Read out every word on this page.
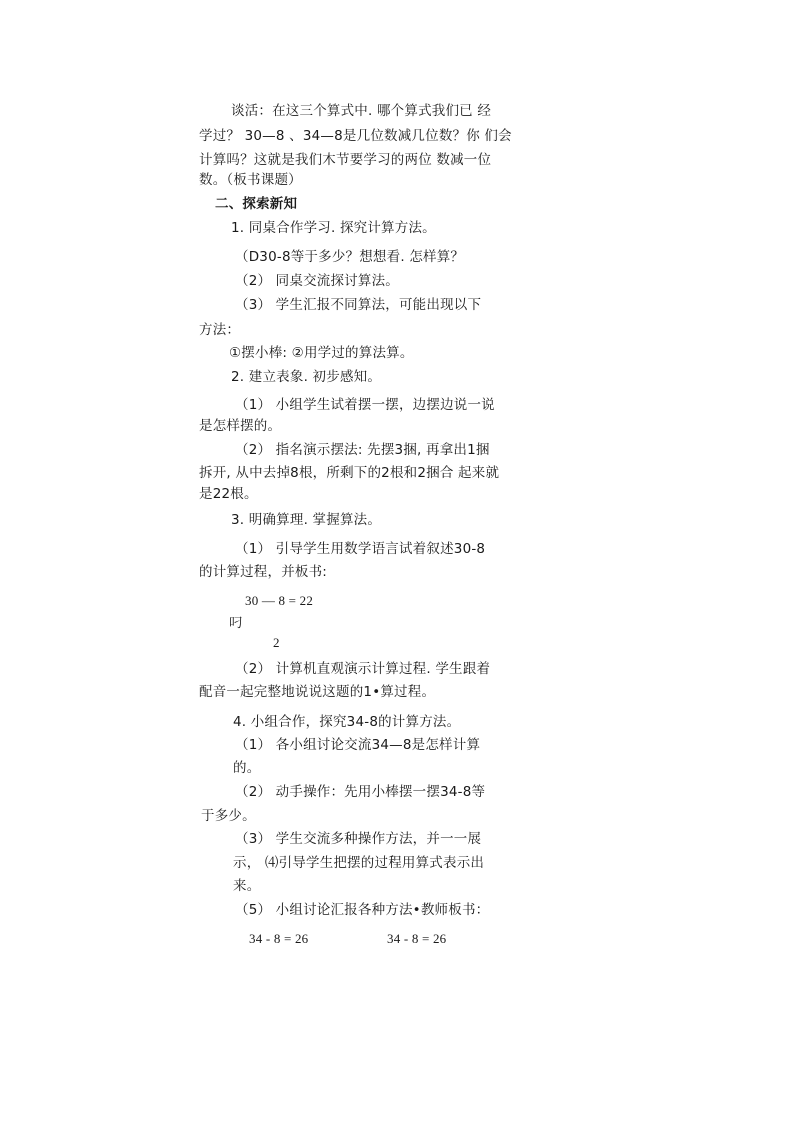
谈活：在这三个算式中. 哪个算式我们已 经
学过？ 30—8 、34—8是几位数减几位数？你 们会
计算吗？这就是我们木节要学习的两位 数减一位
数。（板书课题）
二、探索新知
1. 同桌合作学习. 探究计算方法。
（D30-8等于多少？想想看. 怎样算？
（2） 同桌交流探讨算法。
（3） 学生汇报不同算法，可能出现以下
方法：
①摆小棒: ②用学过的算法算。
2. 建立表象. 初步感知。
（1） 小组学生试着摆一摆，边摆边说一说
是怎样摆的。
（2） 指名演示摆法: 先摆3捆, 再拿出1捆
拆开, 从中去掉8根，所剩下的2根和2捆合 起来就
是22根。
3. 明确算理. 掌握算法。
（1） 引导学生用数学语言试着叙述30-8
的计算过程，并板书:
30 — 8 = 22
叼
2
（2） 计算机直观演示计算过程. 学生跟着
配音一起完整地说说这题的1•算过程。
4. 小组合作，探究34-8的计算方法。
（1） 各小组讨论交流34—8是怎样计算
的。
（2） 动手操作：先用小棒摆一摆34-8等
于多少。
（3） 学生交流多种操作方法，并一一展
示， ⑷引导学生把摆的过程用算式表示出
来。
（5） 小组讨论汇报各种方法•教师板书：
34 - 8 = 26	34 - 8 = 26
